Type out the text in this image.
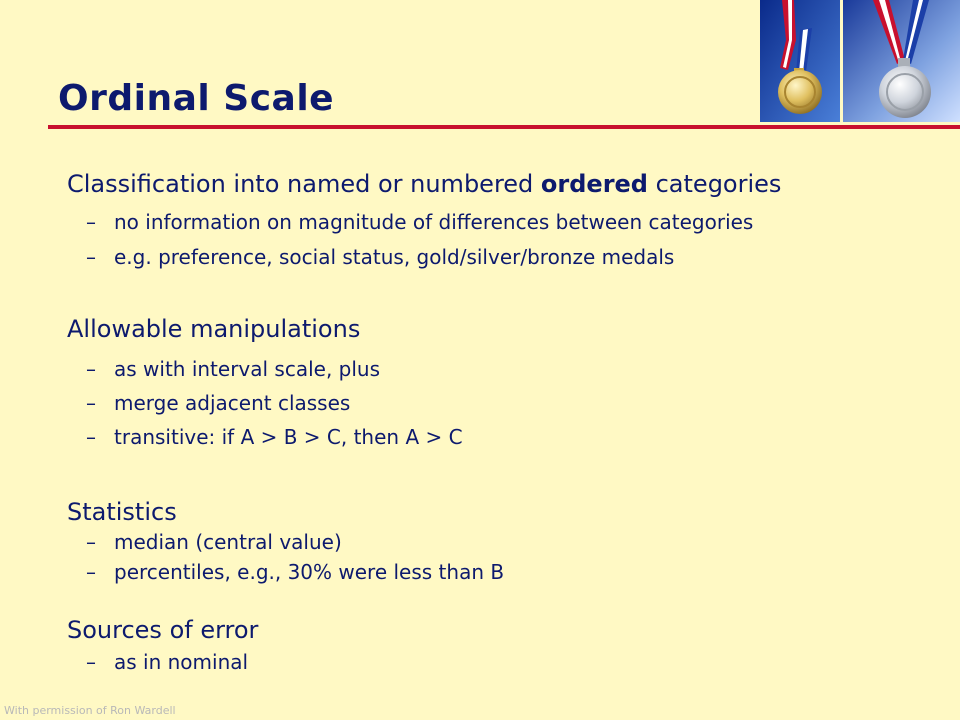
Ordinal Scale

Classification into named or numbered ordered categories

– no information on magnitude of differences between categories

– e.g. preference, social status, gold/silver/bronze medals

Allowable manipulations

– as with interval scale, plus

– merge adjacent classes

– transitive: if A > B > C, then A > C

Statistics

– median (central value)

– percentiles, e.g., 30% were less than B

Sources of error

– as in nominal

With permission of Ron Wardell
